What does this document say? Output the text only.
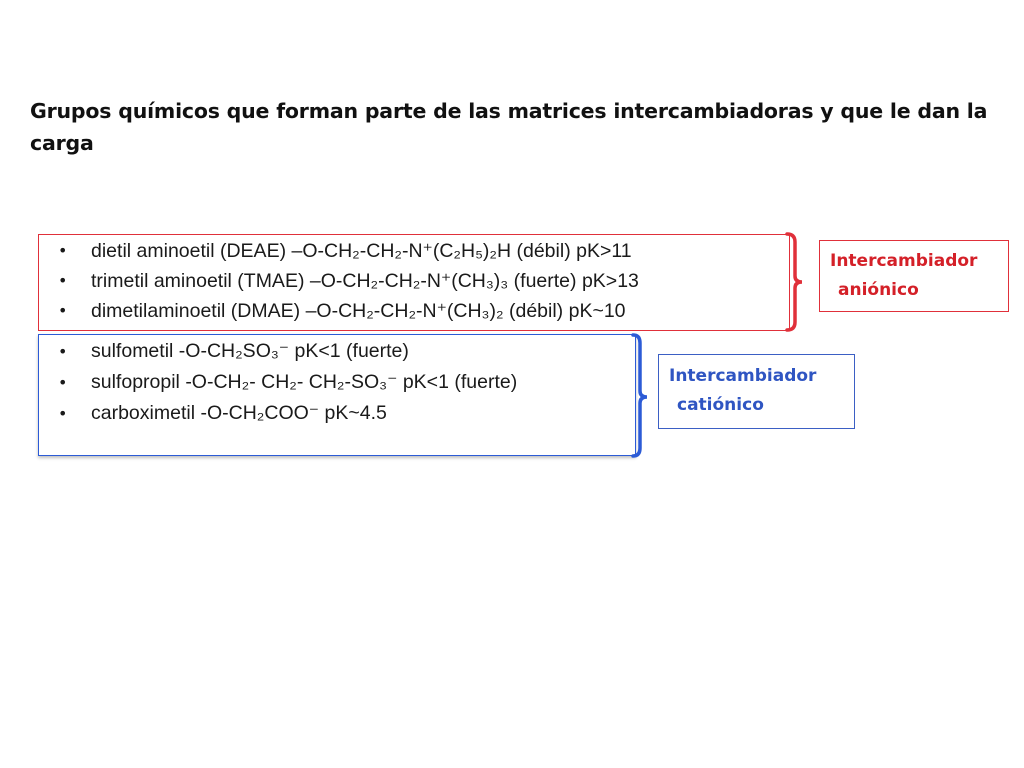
Grupos químicos que forman parte de las matrices intercambiadoras y que le dan la carga
• dietil aminoetil (DEAE) –O-CH₂-CH₂-N⁺(C₂H₅)₂H (débil) pK>11
• trimetil aminoetil (TMAE) –O-CH₂-CH₂-N⁺(CH₃)₃ (fuerte) pK>13
• dimetilaminoetil (DMAE) –O-CH₂-CH₂-N⁺(CH₃)₂ (débil) pK~10
• sulfometil -O-CH₂SO₃⁻ pK<1 (fuerte)
• sulfopropil -O-CH₂- CH₂- CH₂-SO₃⁻ pK<1 (fuerte)
• carboximetil -O-CH₂COO⁻ pK~4.5
Intercambiador
aniónico
Intercambiador
catiónico
